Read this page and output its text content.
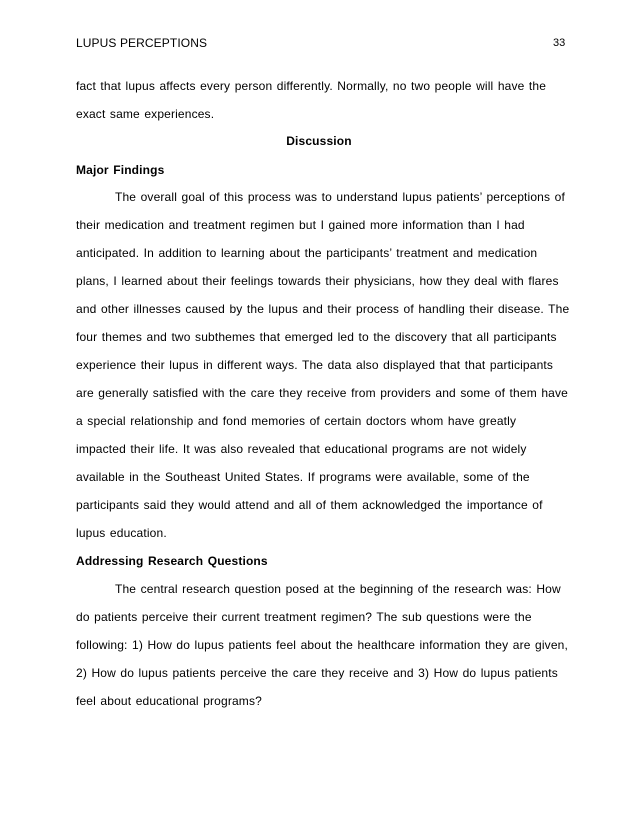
LUPUS PERCEPTIONS	33
fact that lupus affects every person differently. Normally, no two people will have the
exact same experiences.
Discussion
Major Findings
The overall goal of this process was to understand lupus patients’ perceptions of
their medication and treatment regimen but I gained more information than I had
anticipated. In addition to learning about the participants’ treatment and medication
plans, I learned about their feelings towards their physicians, how they deal with flares
and other illnesses caused by the lupus and their process of handling their disease. The
four themes and two subthemes that emerged led to the discovery that all participants
experience their lupus in different ways. The data also displayed that that participants
are generally satisfied with the care they receive from providers and some of them have
a special relationship and fond memories of certain doctors whom have greatly
impacted their life. It was also revealed that educational programs are not widely
available in the Southeast United States. If programs were available, some of the
participants said they would attend and all of them acknowledged the importance of
lupus education.
Addressing Research Questions
The central research question posed at the beginning of the research was: How
do patients perceive their current treatment regimen? The sub questions were the
following: 1) How do lupus patients feel about the healthcare information they are given,
2) How do lupus patients perceive the care they receive and 3) How do lupus patients
feel about educational programs?
